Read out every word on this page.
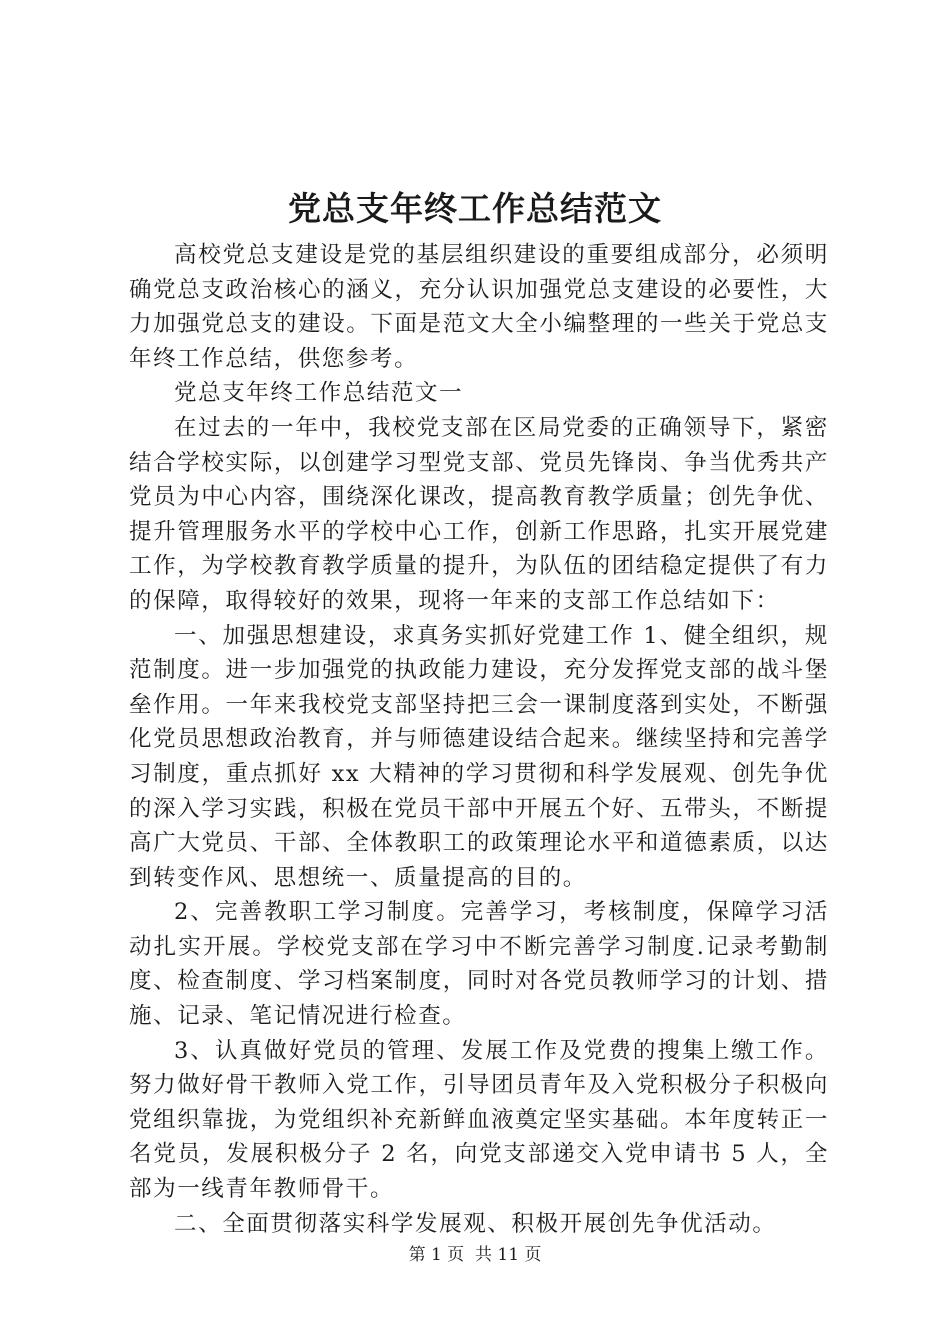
党总支年终工作总结范文

高校党总支建设是党的基层组织建设的重要组成部分，必须明确党总支政治核心的涵义，充分认识加强党总支建设的必要性，大力加强党总支的建设。下面是范文大全小编整理的一些关于党总支年终工作总结，供您参考。

党总支年终工作总结范文一

在过去的一年中，我校党支部在区局党委的正确领导下，紧密结合学校实际，以创建学习型党支部、党员先锋岗、争当优秀共产党员为中心内容，围绕深化课改，提高教育教学质量；创先争优、提升管理服务水平的学校中心工作，创新工作思路，扎实开展党建工作，为学校教育教学质量的提升，为队伍的团结稳定提供了有力的保障，取得较好的效果，现将一年来的支部工作总结如下：

一、加强思想建设，求真务实抓好党建工作 1、健全组织，规范制度。进一步加强党的执政能力建设，充分发挥党支部的战斗堡垒作用。一年来我校党支部坚持把三会一课制度落到实处，不断强化党员思想政治教育，并与师德建设结合起来。继续坚持和完善学习制度，重点抓好 xx 大精神的学习贯彻和科学发展观、创先争优的深入学习实践，积极在党员干部中开展五个好、五带头，不断提高广大党员、干部、全体教职工的政策理论水平和道德素质，以达到转变作风、思想统一、质量提高的目的。

2、完善教职工学习制度。完善学习，考核制度，保障学习活动扎实开展。学校党支部在学习中不断完善学习制度.记录考勤制度、检查制度、学习档案制度，同时对各党员教师学习的计划、措施、记录、笔记情况进行检查。

3、认真做好党员的管理、发展工作及党费的搜集上缴工作。努力做好骨干教师入党工作，引导团员青年及入党积极分子积极向党组织靠拢，为党组织补充新鲜血液奠定坚实基础。本年度转正一名党员，发展积极分子 2 名，向党支部递交入党申请书 5 人，全部为一线青年教师骨干。

二、全面贯彻落实科学发展观、积极开展创先争优活动。

第 1 页  共 11 页
